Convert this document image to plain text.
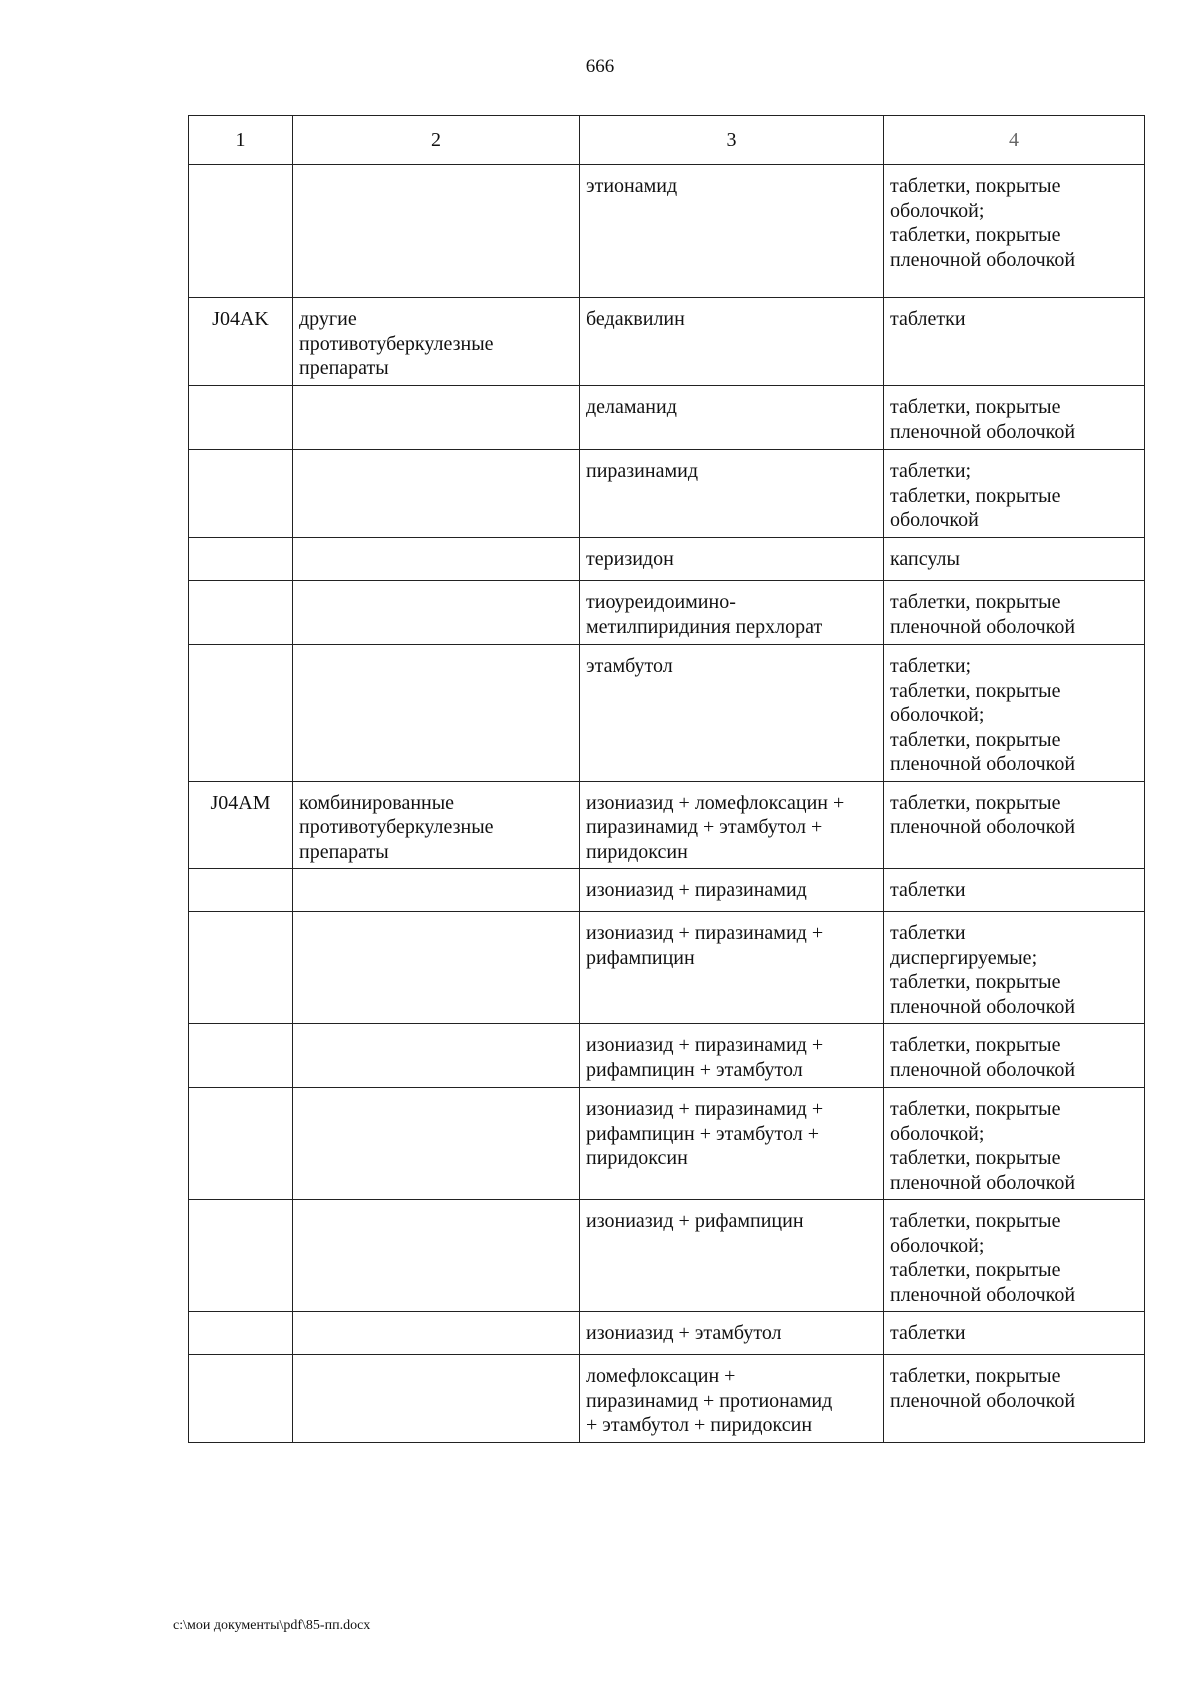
666
1	2	3	4

		этионамид	таблетки, покрытые
оболочкой;
таблетки, покрытые
пленочной оболочкой

J04AK	другие
противотуберкулезные
препараты	бедаквилин	таблетки

		деламанид	таблетки, покрытые
пленочной оболочкой

		пиразинамид	таблетки;
таблетки, покрытые
оболочкой

		теризидон	капсулы

		тиоуреидоимино-
метилпиридиния перхлорат	таблетки, покрытые
пленочной оболочкой

		этамбутол	таблетки;
таблетки, покрытые
оболочкой;
таблетки, покрытые
пленочной оболочкой

J04AM	комбинированные
противотуберкулезные
препараты	изониазид + ломефлоксацин +
пиразинамид + этамбутол +
пиридоксин	таблетки, покрытые
пленочной оболочкой

		изониазид + пиразинамид	таблетки

		изониазид + пиразинамид +
рифампицин	таблетки
диспергируемые;
таблетки, покрытые
пленочной оболочкой

		изониазид + пиразинамид +
рифампицин + этамбутол	таблетки, покрытые
пленочной оболочкой

		изониазид + пиразинамид +
рифампицин + этамбутол +
пиридоксин	таблетки, покрытые
оболочкой;
таблетки, покрытые
пленочной оболочкой

		изониазид + рифампицин	таблетки, покрытые
оболочкой;
таблетки, покрытые
пленочной оболочкой

		изониазид + этамбутол	таблетки

		ломефлоксацин +
пиразинамид + протионамид
+ этамбутол + пиридоксин	таблетки, покрытые
пленочной оболочкой
c:\мои документы\pdf\85-пп.docx
